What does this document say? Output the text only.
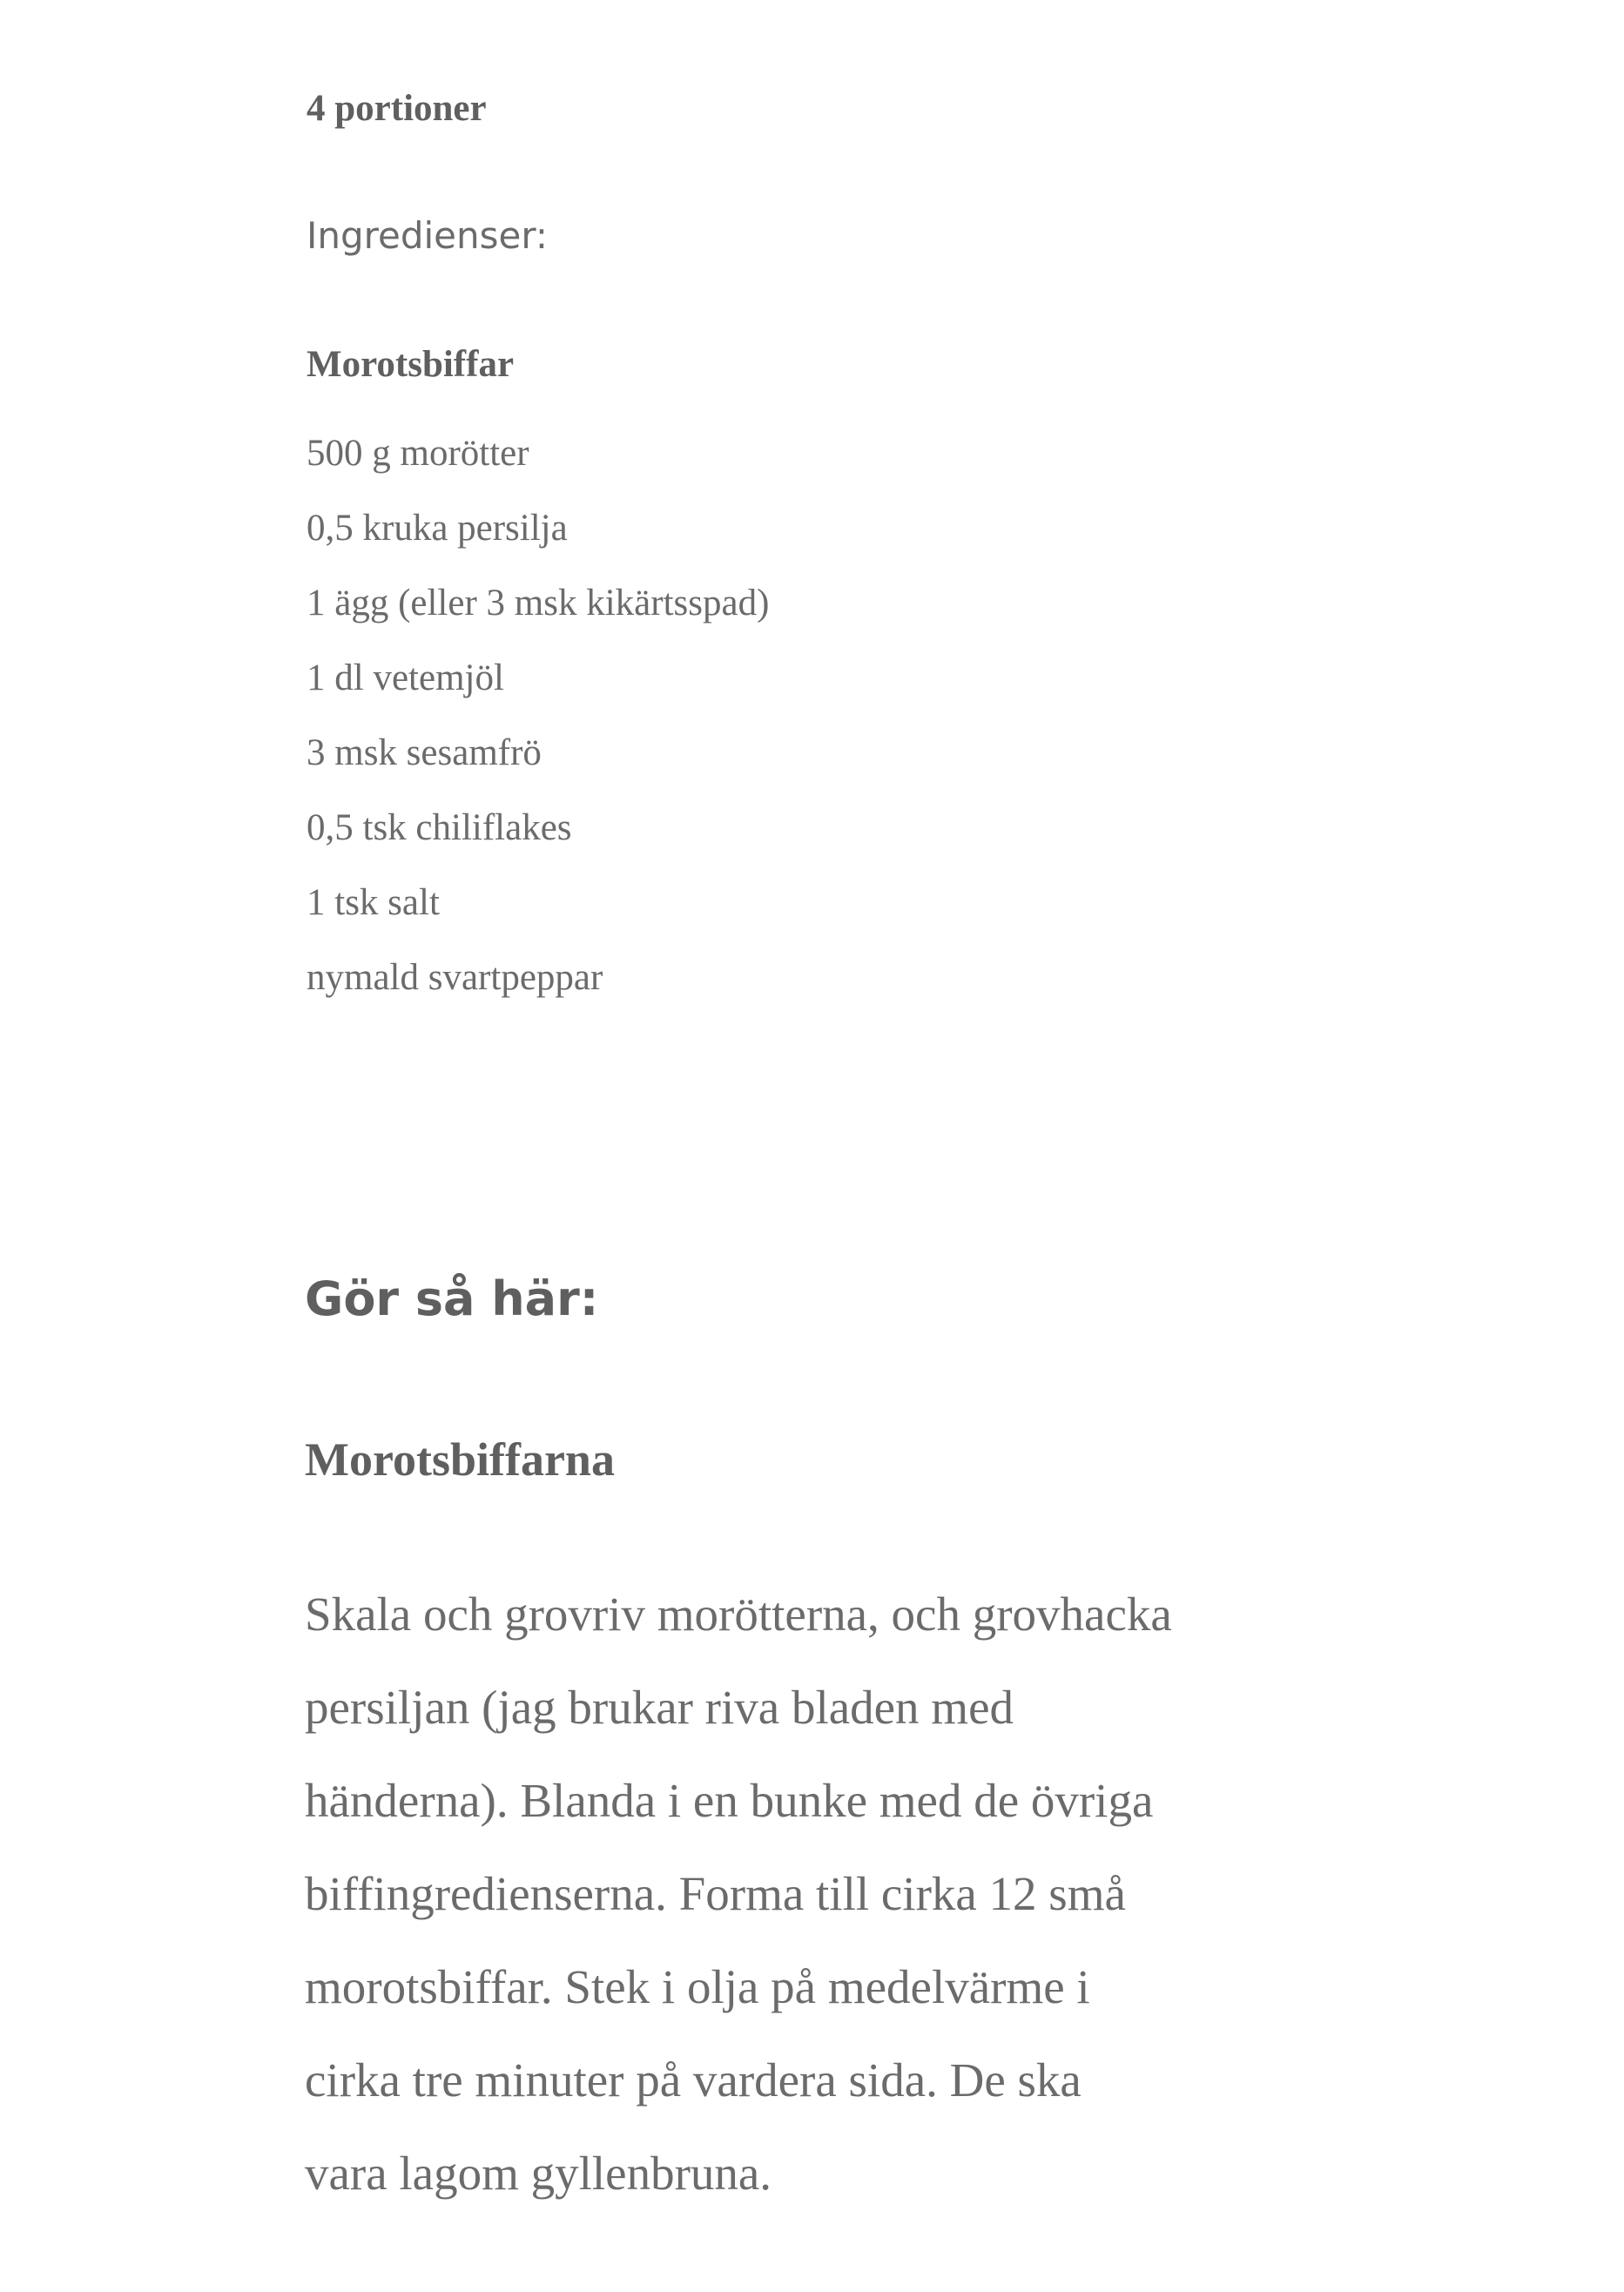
4 portioner
Ingredienser:
Morotsbiffar
500 g morötter
0,5 kruka persilja
1 ägg (eller 3 msk kikärtsspad)
1 dl vetemjöl
3 msk sesamfrö
0,5 tsk chiliflakes
1 tsk salt
nymald svartpeppar
Gör så här:
Morotsbiffarna
Skala och grovriv morötterna, och grovhacka
persiljan (jag brukar riva bladen med
händerna). Blanda i en bunke med de övriga
biffingredienserna. Forma till cirka 12 små
morotsbiffar. Stek i olja på medelvärme i
cirka tre minuter på vardera sida. De ska
vara lagom gyllenbruna.
